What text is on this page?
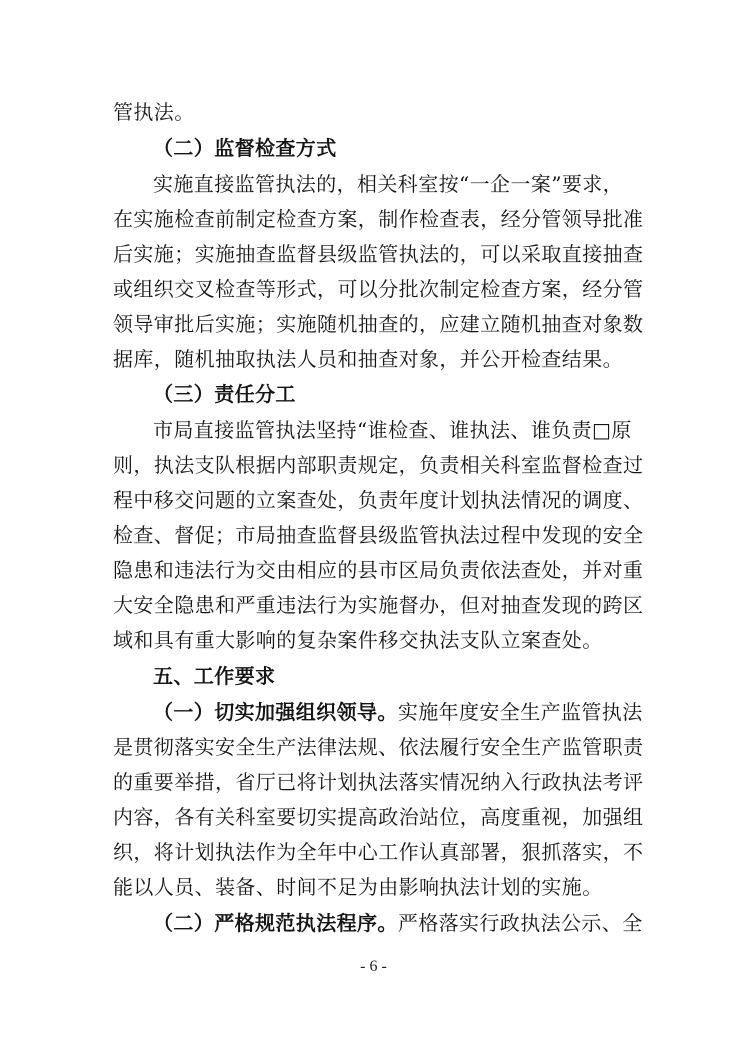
管执法。
（二）监督检查方式
实施直接监管执法的，相关科室按“一企一案”要求，
在实施检查前制定检查方案，制作检查表，经分管领导批准
后实施；实施抽查监督县级监管执法的，可以采取直接抽查
或组织交叉检查等形式，可以分批次制定检查方案，经分管
领导审批后实施；实施随机抽查的，应建立随机抽查对象数
据库，随机抽取执法人员和抽查对象，并公开检查结果。
（三）责任分工
市局直接监管执法坚持“谁检查、谁执法、谁负责□原
则，执法支队根据内部职责规定，负责相关科室监督检查过
程中移交问题的立案查处，负责年度计划执法情况的调度、
检查、督促；市局抽查监督县级监管执法过程中发现的安全
隐患和违法行为交由相应的县市区局负责依法查处，并对重
大安全隐患和严重违法行为实施督办，但对抽查发现的跨区
域和具有重大影响的复杂案件移交执法支队立案查处。
五、工作要求
（一）切实加强组织领导。实施年度安全生产监管执法
是贯彻落实安全生产法律法规、依法履行安全生产监管职责
的重要举措，省厅已将计划执法落实情况纳入行政执法考评
内容，各有关科室要切实提高政治站位，高度重视，加强组
织，将计划执法作为全年中心工作认真部署，狠抓落实，不
能以人员、装备、时间不足为由影响执法计划的实施。
（二）严格规范执法程序。严格落实行政执法公示、全
- 6 -
